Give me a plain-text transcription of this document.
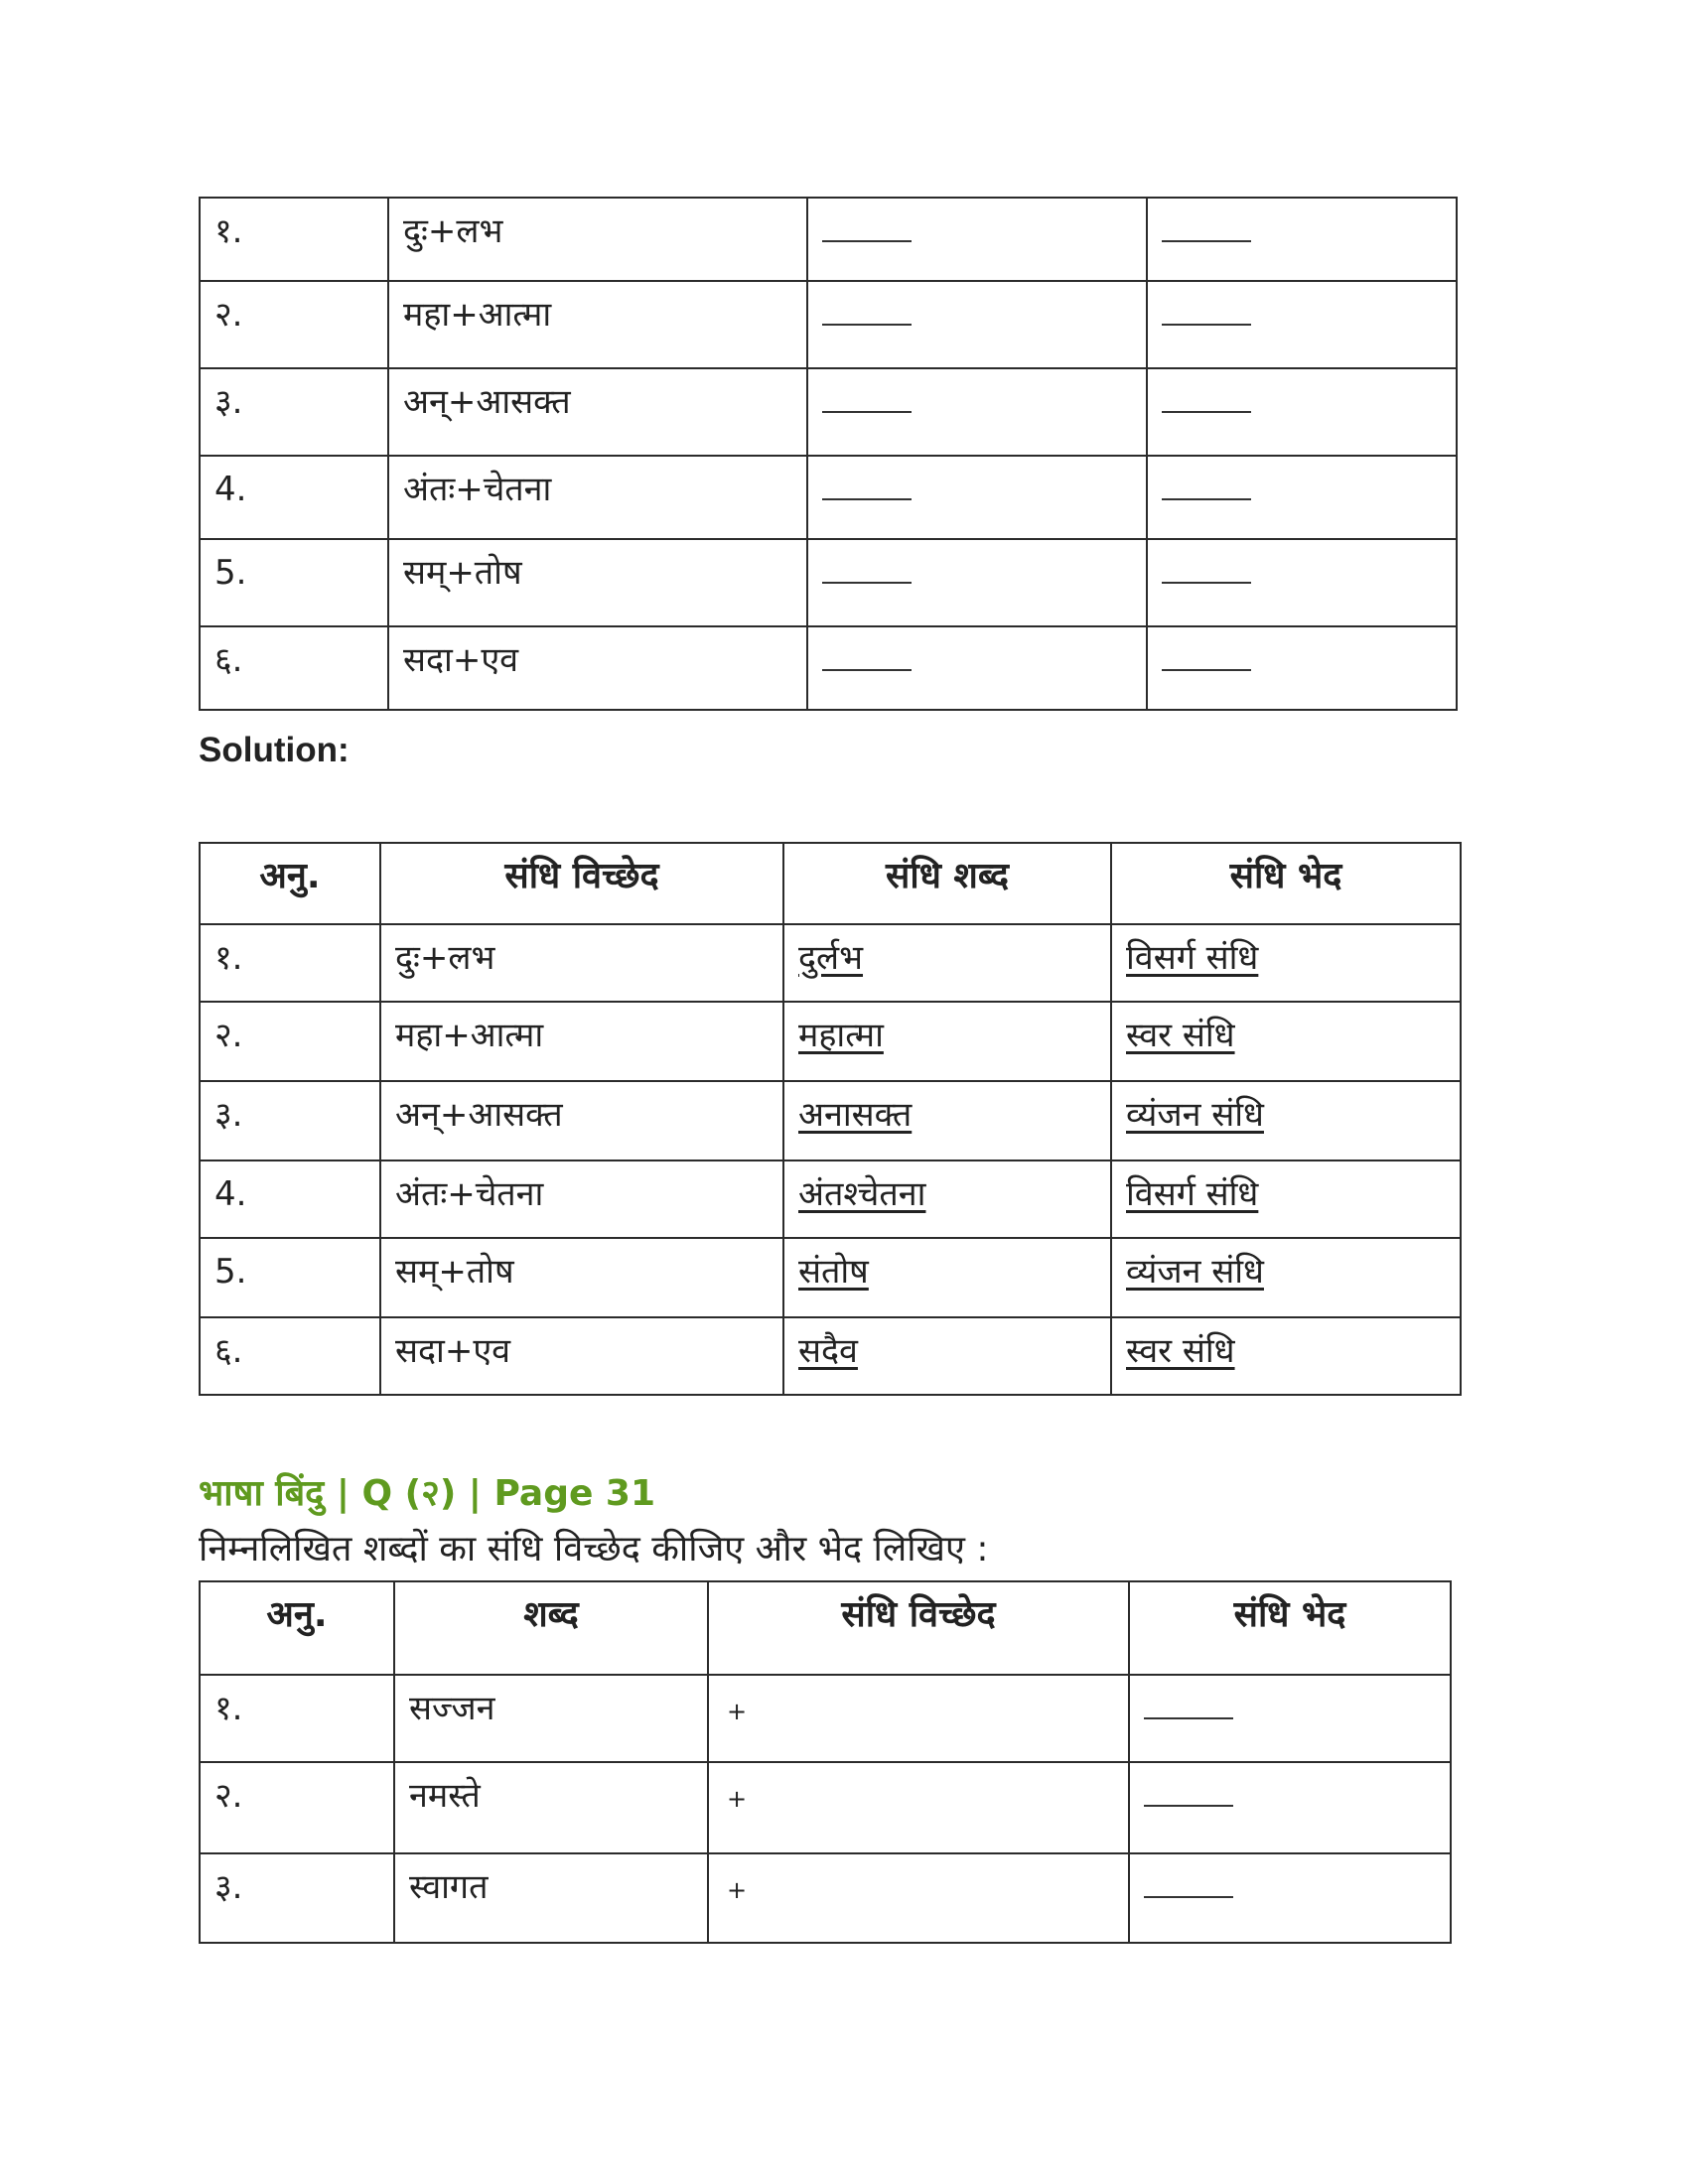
१.	दुः+लभ		
२.	महा+आत्मा		
३.	अन्+आसक्त		
4.	अंतः+चेतना		
5.	सम्+तोष		
६.	सदा+एव		
Solution:
अनु.	संधि विच्छेद	संधि शब्द	संधि भेद
१.	दुः+लभ	दुर्लभ	विसर्ग संधि
२.	महा+आत्मा	महात्मा	स्वर संधि
३.	अन्+आसक्त	अनासक्त	व्यंजन संधि
4.	अंतः+चेतना	अंतश्चेतना	विसर्ग संधि
5.	सम्+तोष	संतोष	व्यंजन संधि
६.	सदा+एव	सदैव	स्वर संधि
भाषा बिंदु | Q (२) | Page 31
निम्नलिखित शब्दों का संधि विच्छेद कीजिए और भेद लिखिए :
अनु.	शब्द	संधि विच्छेद	संधि भेद
१.	सज्जन	+	
२.	नमस्ते	+	
३.	स्वागत	+	
